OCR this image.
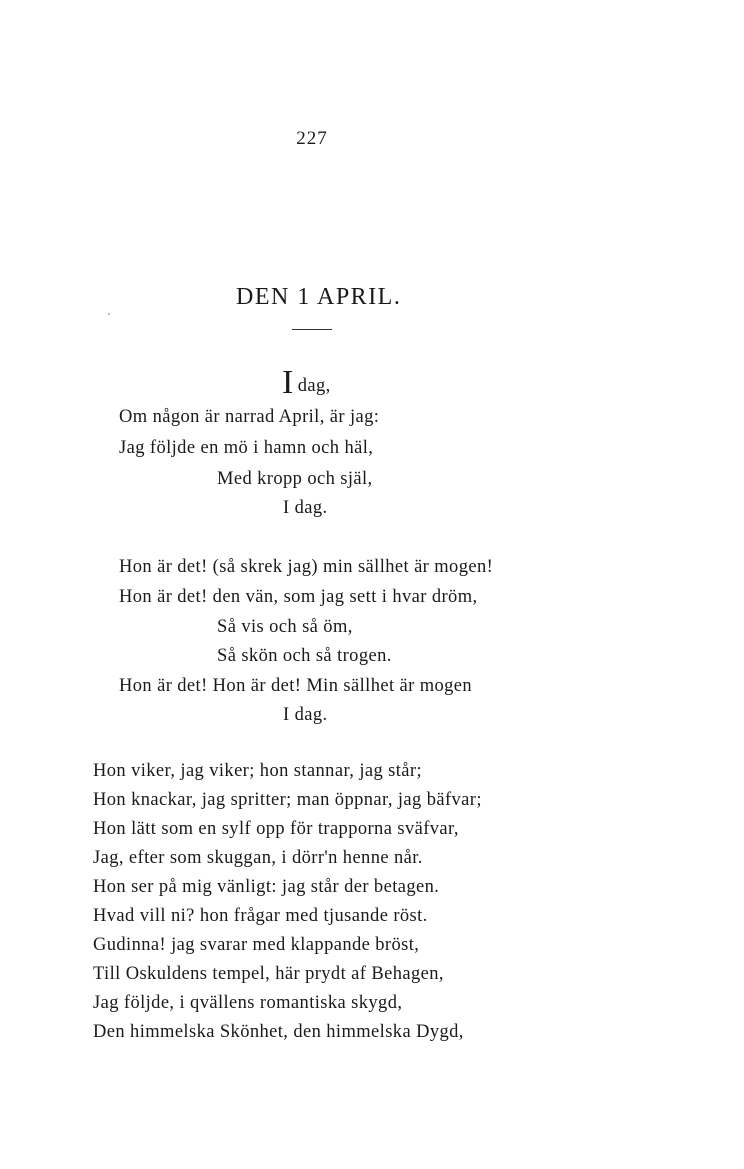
227
DEN 1 APRIL.
Idag,
Om någon är narrad April, är jag:
Jag följde en mö i hamn och häl,
Med kropp och själ,
I dag.
Hon är det! (så skrek jag) min sällhet är mogen!
Hon är det! den vän, som jag sett i hvar dröm,
Så vis och så öm,
Så skön och så trogen.
Hon är det! Hon är det! Min sällhet är mogen
I dag.
Hon viker, jag viker; hon stannar, jag står;
Hon knackar, jag spritter; man öppnar, jag bäfvar;
Hon lätt som en sylf opp för trapporna sväfvar,
Jag, efter som skuggan, i dörr'n henne når.
Hon ser på mig vänligt: jag står der betagen.
Hvad vill ni? hon frågar med tjusande röst.
Gudinna! jag svarar med klappande bröst,
Till Oskuldens tempel, här prydt af Behagen,
Jag följde, i qvällens romantiska skygd,
Den himmelska Skönhet, den himmelska Dygd,
